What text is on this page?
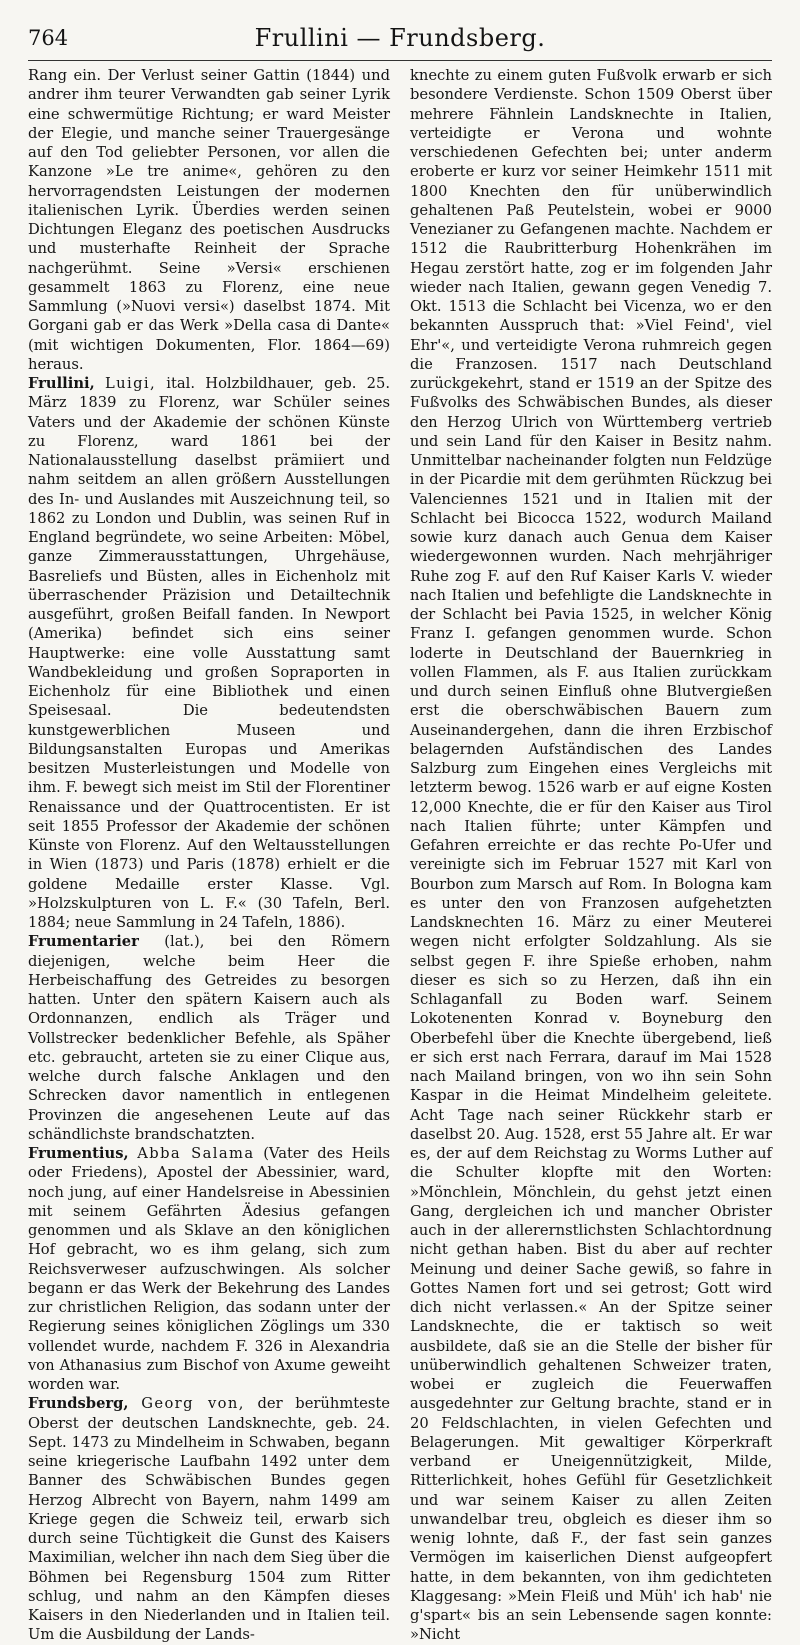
764	Frullini — Frundsberg.

Rang ein. Der Verlust seiner Gattin (1844) und andrer ihm teurer Verwandten gab seiner Lyrik eine schwermütige Richtung; er ward Meister der Elegie, und manche seiner Trauergesänge auf den Tod geliebter Personen, vor allen die Kanzone »Le tre anime«, gehören zu den hervorragendsten Leistungen der modernen italienischen Lyrik. Überdies werden seinen Dichtungen Eleganz des poetischen Ausdrucks und musterhafte Reinheit der Sprache nachgerühmt. Seine »Versi« erschienen gesammelt 1863 zu Florenz, eine neue Sammlung (»Nuovi versi«) daselbst 1874. Mit Gorgani gab er das Werk »Della casa di Dante« (mit wichtigen Dokumenten, Flor. 1864—69) heraus.

Frullini, Luigi, ital. Holzbildhauer, geb. 25. März 1839 zu Florenz, war Schüler seines Vaters und der Akademie der schönen Künste zu Florenz, ward 1861 bei der Nationalausstellung daselbst prämiiert und nahm seitdem an allen größern Ausstellungen des In- und Auslandes mit Auszeichnung teil, so 1862 zu London und Dublin, was seinen Ruf in England begründete, wo seine Arbeiten: Möbel, ganze Zimmerausstattungen, Uhrgehäuse, Basreliefs und Büsten, alles in Eichenholz mit überraschender Präzision und Detailtechnik ausgeführt, großen Beifall fanden. In Newport (Amerika) befindet sich eins seiner Hauptwerke: eine volle Ausstattung samt Wandbekleidung und großen Sopraporten in Eichenholz für eine Bibliothek und einen Speisesaal. Die bedeutendsten kunstgewerblichen Museen und Bildungsanstalten Europas und Amerikas besitzen Musterleistungen und Modelle von ihm. F. bewegt sich meist im Stil der Florentiner Renaissance und der Quattrocentisten. Er ist seit 1855 Professor der Akademie der schönen Künste von Florenz. Auf den Weltausstellungen in Wien (1873) und Paris (1878) erhielt er die goldene Medaille erster Klasse. Vgl. »Holzskulpturen von L. F.« (30 Tafeln, Berl. 1884; neue Sammlung in 24 Tafeln, 1886).

Frumentarier (lat.), bei den Römern diejenigen, welche beim Heer die Herbeischaffung des Getreides zu besorgen hatten. Unter den spätern Kaisern auch als Ordonnanzen, endlich als Träger und Vollstrecker bedenklicher Befehle, als Späher etc. gebraucht, arteten sie zu einer Clique aus, welche durch falsche Anklagen und den Schrecken davor namentlich in entlegenen Provinzen die angesehenen Leute auf das schändlichste brandschatzten.

Frumentius, Abba Salama (Vater des Heils oder Friedens), Apostel der Abessinier, ward, noch jung, auf einer Handelsreise in Abessinien mit seinem Gefährten Ädesius gefangen genommen und als Sklave an den königlichen Hof gebracht, wo es ihm gelang, sich zum Reichsverweser aufzuschwingen. Als solcher begann er das Werk der Bekehrung des Landes zur christlichen Religion, das sodann unter der Regierung seines königlichen Zöglings um 330 vollendet wurde, nachdem F. 326 in Alexandria von Athanasius zum Bischof von Axume geweiht worden war.

Frundsberg, Georg von, der berühmteste Oberst der deutschen Landsknechte, geb. 24. Sept. 1473 zu Mindelheim in Schwaben, begann seine kriegerische Laufbahn 1492 unter dem Banner des Schwäbischen Bundes gegen Herzog Albrecht von Bayern, nahm 1499 am Kriege gegen die Schweiz teil, erwarb sich durch seine Tüchtigkeit die Gunst des Kaisers Maximilian, welcher ihn nach dem Sieg über die Böhmen bei Regensburg 1504 zum Ritter schlug, und nahm an den Kämpfen dieses Kaisers in den Niederlanden und in Italien teil. Um die Ausbildung der Lands-

knechte zu einem guten Fußvolk erwarb er sich besondere Verdienste. Schon 1509 Oberst über mehrere Fähnlein Landsknechte in Italien, verteidigte er Verona und wohnte verschiedenen Gefechten bei; unter anderm eroberte er kurz vor seiner Heimkehr 1511 mit 1800 Knechten den für unüberwindlich gehaltenen Paß Peutelstein, wobei er 9000 Venezianer zu Gefangenen machte. Nachdem er 1512 die Raubritterburg Hohenkrähen im Hegau zerstört hatte, zog er im folgenden Jahr wieder nach Italien, gewann gegen Venedig 7. Okt. 1513 die Schlacht bei Vicenza, wo er den bekannten Ausspruch that: »Viel Feind', viel Ehr'«, und verteidigte Verona ruhmreich gegen die Franzosen. 1517 nach Deutschland zurückgekehrt, stand er 1519 an der Spitze des Fußvolks des Schwäbischen Bundes, als dieser den Herzog Ulrich von Württemberg vertrieb und sein Land für den Kaiser in Besitz nahm. Unmittelbar nacheinander folgten nun Feldzüge in der Picardie mit dem gerühmten Rückzug bei Valenciennes 1521 und in Italien mit der Schlacht bei Bicocca 1522, wodurch Mailand sowie kurz danach auch Genua dem Kaiser wiedergewonnen wurden. Nach mehrjähriger Ruhe zog F. auf den Ruf Kaiser Karls V. wieder nach Italien und befehligte die Landsknechte in der Schlacht bei Pavia 1525, in welcher König Franz I. gefangen genommen wurde. Schon loderte in Deutschland der Bauernkrieg in vollen Flammen, als F. aus Italien zurückkam und durch seinen Einfluß ohne Blutvergießen erst die oberschwäbischen Bauern zum Auseinandergehen, dann die ihren Erzbischof belagernden Aufständischen des Landes Salzburg zum Eingehen eines Vergleichs mit letzterm bewog. 1526 warb er auf eigne Kosten 12,000 Knechte, die er für den Kaiser aus Tirol nach Italien führte; unter Kämpfen und Gefahren erreichte er das rechte Po-Ufer und vereinigte sich im Februar 1527 mit Karl von Bourbon zum Marsch auf Rom. In Bologna kam es unter den von Franzosen aufgehetzten Landsknechten 16. März zu einer Meuterei wegen nicht erfolgter Soldzahlung. Als sie selbst gegen F. ihre Spieße erhoben, nahm dieser es sich so zu Herzen, daß ihn ein Schlaganfall zu Boden warf. Seinem Lokotenenten Konrad v. Boyneburg den Oberbefehl über die Knechte übergebend, ließ er sich erst nach Ferrara, darauf im Mai 1528 nach Mailand bringen, von wo ihn sein Sohn Kaspar in die Heimat Mindelheim geleitete. Acht Tage nach seiner Rückkehr starb er daselbst 20. Aug. 1528, erst 55 Jahre alt. Er war es, der auf dem Reichstag zu Worms Luther auf die Schulter klopfte mit den Worten: »Mönchlein, Mönchlein, du gehst jetzt einen Gang, dergleichen ich und mancher Obrister auch in der allerernstlichsten Schlachtordnung nicht gethan haben. Bist du aber auf rechter Meinung und deiner Sache gewiß, so fahre in Gottes Namen fort und sei getrost; Gott wird dich nicht verlassen.« An der Spitze seiner Landsknechte, die er taktisch so weit ausbildete, daß sie an die Stelle der bisher für unüberwindlich gehaltenen Schweizer traten, wobei er zugleich die Feuerwaffen ausgedehnter zur Geltung brachte, stand er in 20 Feldschlachten, in vielen Gefechten und Belagerungen. Mit gewaltiger Körperkraft verband er Uneigennützigkeit, Milde, Ritterlichkeit, hohes Gefühl für Gesetzlichkeit und war seinem Kaiser zu allen Zeiten unwandelbar treu, obgleich es dieser ihm so wenig lohnte, daß F., der fast sein ganzes Vermögen im kaiserlichen Dienst aufgeopfert hatte, in dem bekannten, von ihm gedichteten Klaggesang: »Mein Fleiß und Müh' ich hab' nie g'spart« bis an sein Lebensende sagen konnte: »Nicht
